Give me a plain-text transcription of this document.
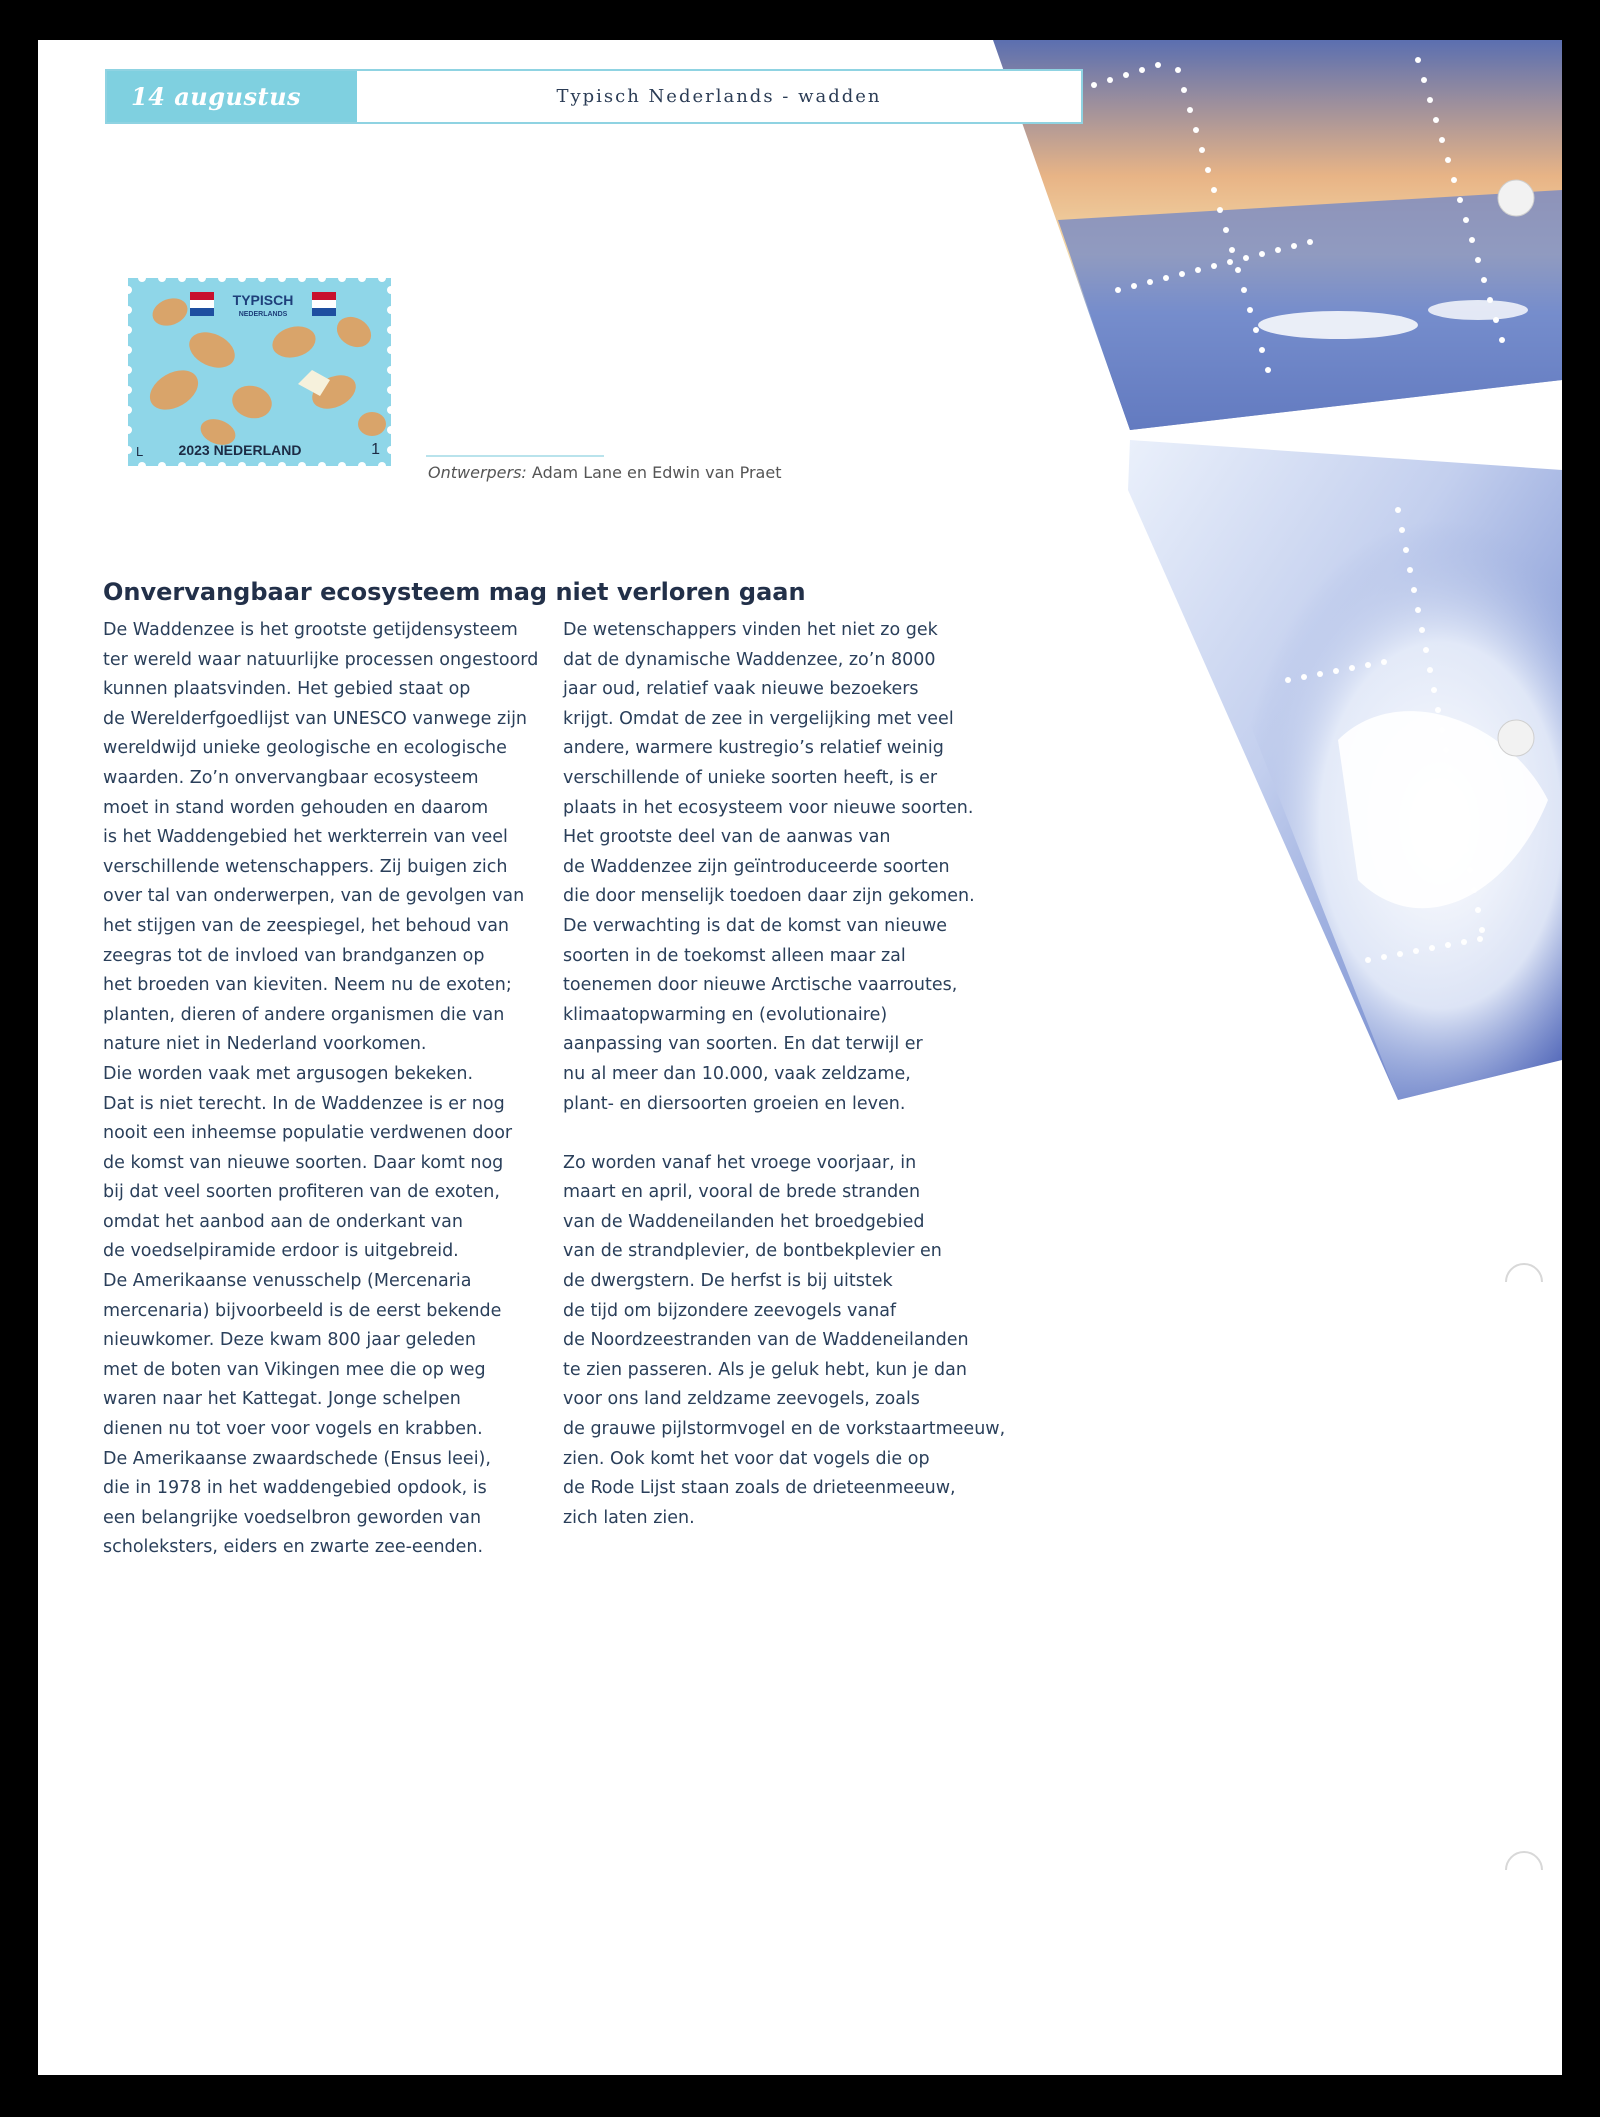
14 augustus 2023
Typisch Nederlands - wadden
TYPISCH
NEDERLANDS
2023 NEDERLAND	1
L
Ontwerpers: Adam Lane en Edwin van Praet
Onvervangbaar ecosysteem mag niet verloren gaan
De Waddenzee is het grootste getijdensysteem
ter wereld waar natuurlijke processen ongestoord
kunnen plaatsvinden. Het gebied staat op
de Werelderfgoedlijst van UNESCO vanwege zijn
wereldwijd unieke geologische en ecologische
waarden. Zo’n onvervangbaar ecosysteem
moet in stand worden gehouden en daarom
is het Waddengebied het werkterrein van veel
verschillende wetenschappers. Zij buigen zich
over tal van onderwerpen, van de gevolgen van
het stijgen van de zeespiegel, het behoud van
zeegras tot de invloed van brandganzen op
het broeden van kieviten. Neem nu de exoten;
planten, dieren of andere organismen die van
nature niet in Nederland voorkomen.
Die worden vaak met argusogen bekeken.
Dat is niet terecht. In de Waddenzee is er nog
nooit een inheemse populatie verdwenen door
de komst van nieuwe soorten. Daar komt nog
bij dat veel soorten profiteren van de exoten,
omdat het aanbod aan de onderkant van
de voedselpiramide erdoor is uitgebreid.
De Amerikaanse venusschelp (Mercenaria
mercenaria) bijvoorbeeld is de eerst bekende
nieuwkomer. Deze kwam 800 jaar geleden
met de boten van Vikingen mee die op weg
waren naar het Kattegat. Jonge schelpen
dienen nu tot voer voor vogels en krabben.
De Amerikaanse zwaardschede (Ensus leei),
die in 1978 in het waddengebied opdook, is
een belangrijke voedselbron geworden van
scholeksters, eiders en zwarte zee-eenden.
De wetenschappers vinden het niet zo gek
dat de dynamische Waddenzee, zo’n 8000
jaar oud, relatief vaak nieuwe bezoekers
krijgt. Omdat de zee in vergelijking met veel
andere, warmere kustregio’s relatief weinig
verschillende of unieke soorten heeft, is er
plaats in het ecosysteem voor nieuwe soorten.
Het grootste deel van de aanwas van
de Waddenzee zijn geïntroduceerde soorten
die door menselijk toedoen daar zijn gekomen.
De verwachting is dat de komst van nieuwe
soorten in de toekomst alleen maar zal
toenemen door nieuwe Arctische vaarroutes,
klimaatopwarming en (evolutionaire)
aanpassing van soorten. En dat terwijl er
nu al meer dan 10.000, vaak zeldzame,
plant- en diersoorten groeien en leven.
Zo worden vanaf het vroege voorjaar, in
maart en april, vooral de brede stranden
van de Waddeneilanden het broedgebied
van de strandplevier, de bontbekplevier en
de dwergstern. De herfst is bij uitstek
de tijd om bijzondere zeevogels vanaf
de Noordzeestranden van de Waddeneilanden
te zien passeren. Als je geluk hebt, kun je dan
voor ons land zeldzame zeevogels, zoals
de grauwe pijlstormvogel en de vorkstaartmeeuw,
zien. Ook komt het voor dat vogels die op
de Rode Lijst staan zoals de drieteenmeeuw,
zich laten zien.
